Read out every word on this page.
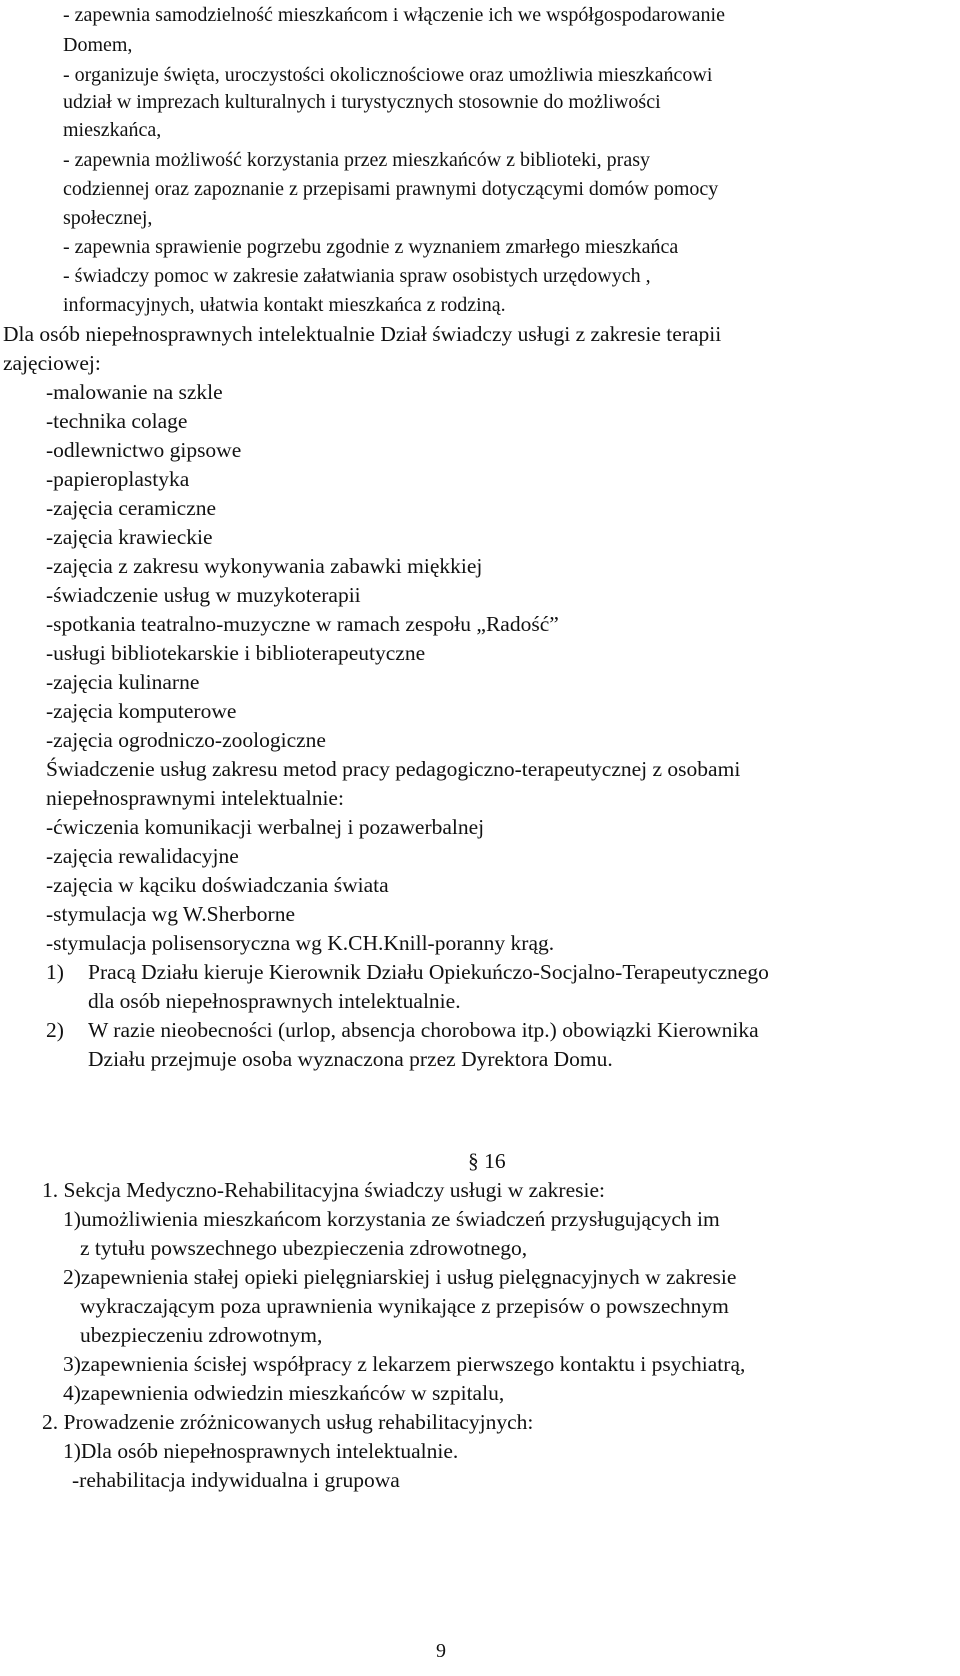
- zapewnia samodzielność mieszkańcom i włączenie ich we współgospodarowanie
Domem,
- organizuje święta, uroczystości okolicznościowe oraz umożliwia mieszkańcowi
udział w imprezach kulturalnych i turystycznych stosownie do możliwości
mieszkańca,
- zapewnia możliwość korzystania przez mieszkańców z biblioteki, prasy
codziennej oraz zapoznanie z przepisami prawnymi dotyczącymi domów pomocy
społecznej,
- zapewnia sprawienie pogrzebu zgodnie z wyznaniem zmarłego mieszkańca
- świadczy pomoc w zakresie załatwiania spraw osobistych urzędowych ,
informacyjnych, ułatwia kontakt mieszkańca z rodziną.
Dla osób niepełnosprawnych intelektualnie Dział świadczy usługi z zakresie terapii
zajęciowej:
-malowanie na szkle
-technika colage
-odlewnictwo gipsowe
-papieroplastyka
-zajęcia ceramiczne
-zajęcia krawieckie
-zajęcia z zakresu wykonywania zabawki miękkiej
-świadczenie usług w muzykoterapii
-spotkania teatralno-muzyczne w ramach zespołu „Radość”
-usługi bibliotekarskie i biblioterapeutyczne
-zajęcia kulinarne
-zajęcia komputerowe
-zajęcia ogrodniczo-zoologiczne
Świadczenie usług zakresu metod pracy pedagogiczno-terapeutycznej z osobami
niepełnosprawnymi intelektualnie:
-ćwiczenia komunikacji werbalnej i pozawerbalnej
-zajęcia rewalidacyjne
-zajęcia w kąciku doświadczania świata
-stymulacja wg W.Sherborne
-stymulacja polisensoryczna wg K.CH.Knill-poranny krąg.
1) Pracą Działu kieruje Kierownik Działu Opiekuńczo-Socjalno-Terapeutycznego
dla osób niepełnosprawnych intelektualnie.
2) W razie nieobecności (urlop, absencja chorobowa itp.) obowiązki Kierownika
Działu przejmuje osoba wyznaczona przez Dyrektora Domu.
§ 16
1. Sekcja Medyczno-Rehabilitacyjna świadczy usługi w zakresie:
1)umożliwienia mieszkańcom korzystania ze świadczeń przysługujących im
z tytułu powszechnego ubezpieczenia zdrowotnego,
2)zapewnienia stałej opieki pielęgniarskiej i usług pielęgnacyjnych w zakresie
wykraczającym poza uprawnienia wynikające z przepisów o powszechnym
ubezpieczeniu zdrowotnym,
3)zapewnienia ścisłej współpracy z lekarzem pierwszego kontaktu i psychiatrą,
4)zapewnienia odwiedzin mieszkańców w szpitalu,
2. Prowadzenie zróżnicowanych usług rehabilitacyjnych:
1)Dla osób niepełnosprawnych intelektualnie.
-rehabilitacja indywidualna i grupowa
9
